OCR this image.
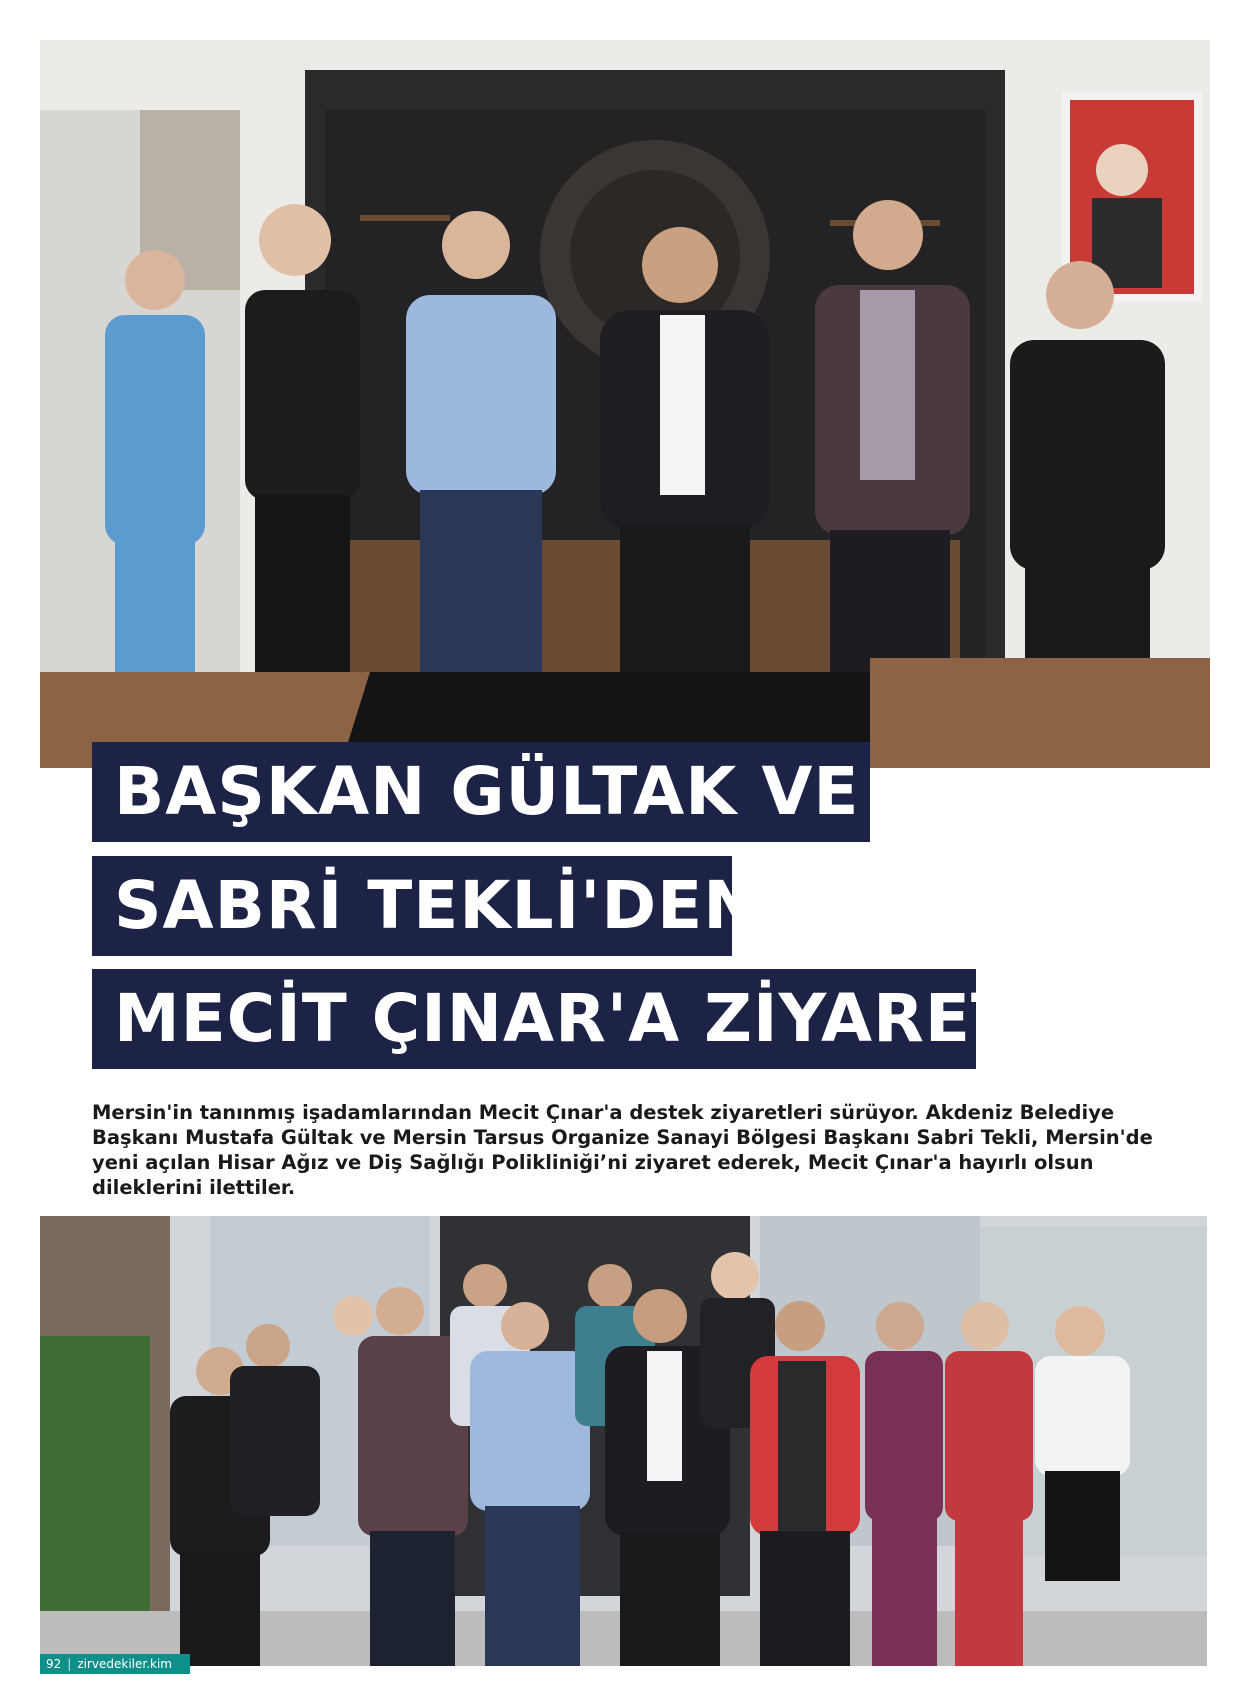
BAŞKAN GÜLTAK VE
SABRİ TEKLİ'DEN
MECİT ÇINAR'A ZİYARET

Mersin'in tanınmış işadamlarından Mecit Çınar'a destek ziyaretleri sürüyor. Akdeniz Belediye Başkanı Mustafa Gültak ve Mersin Tarsus Organize Sanayi Bölgesi Başkanı Sabri Tekli, Mersin'de yeni açılan Hisar Ağız ve Diş Sağlığı Polikliniği’ni ziyaret ederek, Mecit Çınar'a hayırlı olsun dileklerini ilettiler.

92 | zirvedekiler.kim
